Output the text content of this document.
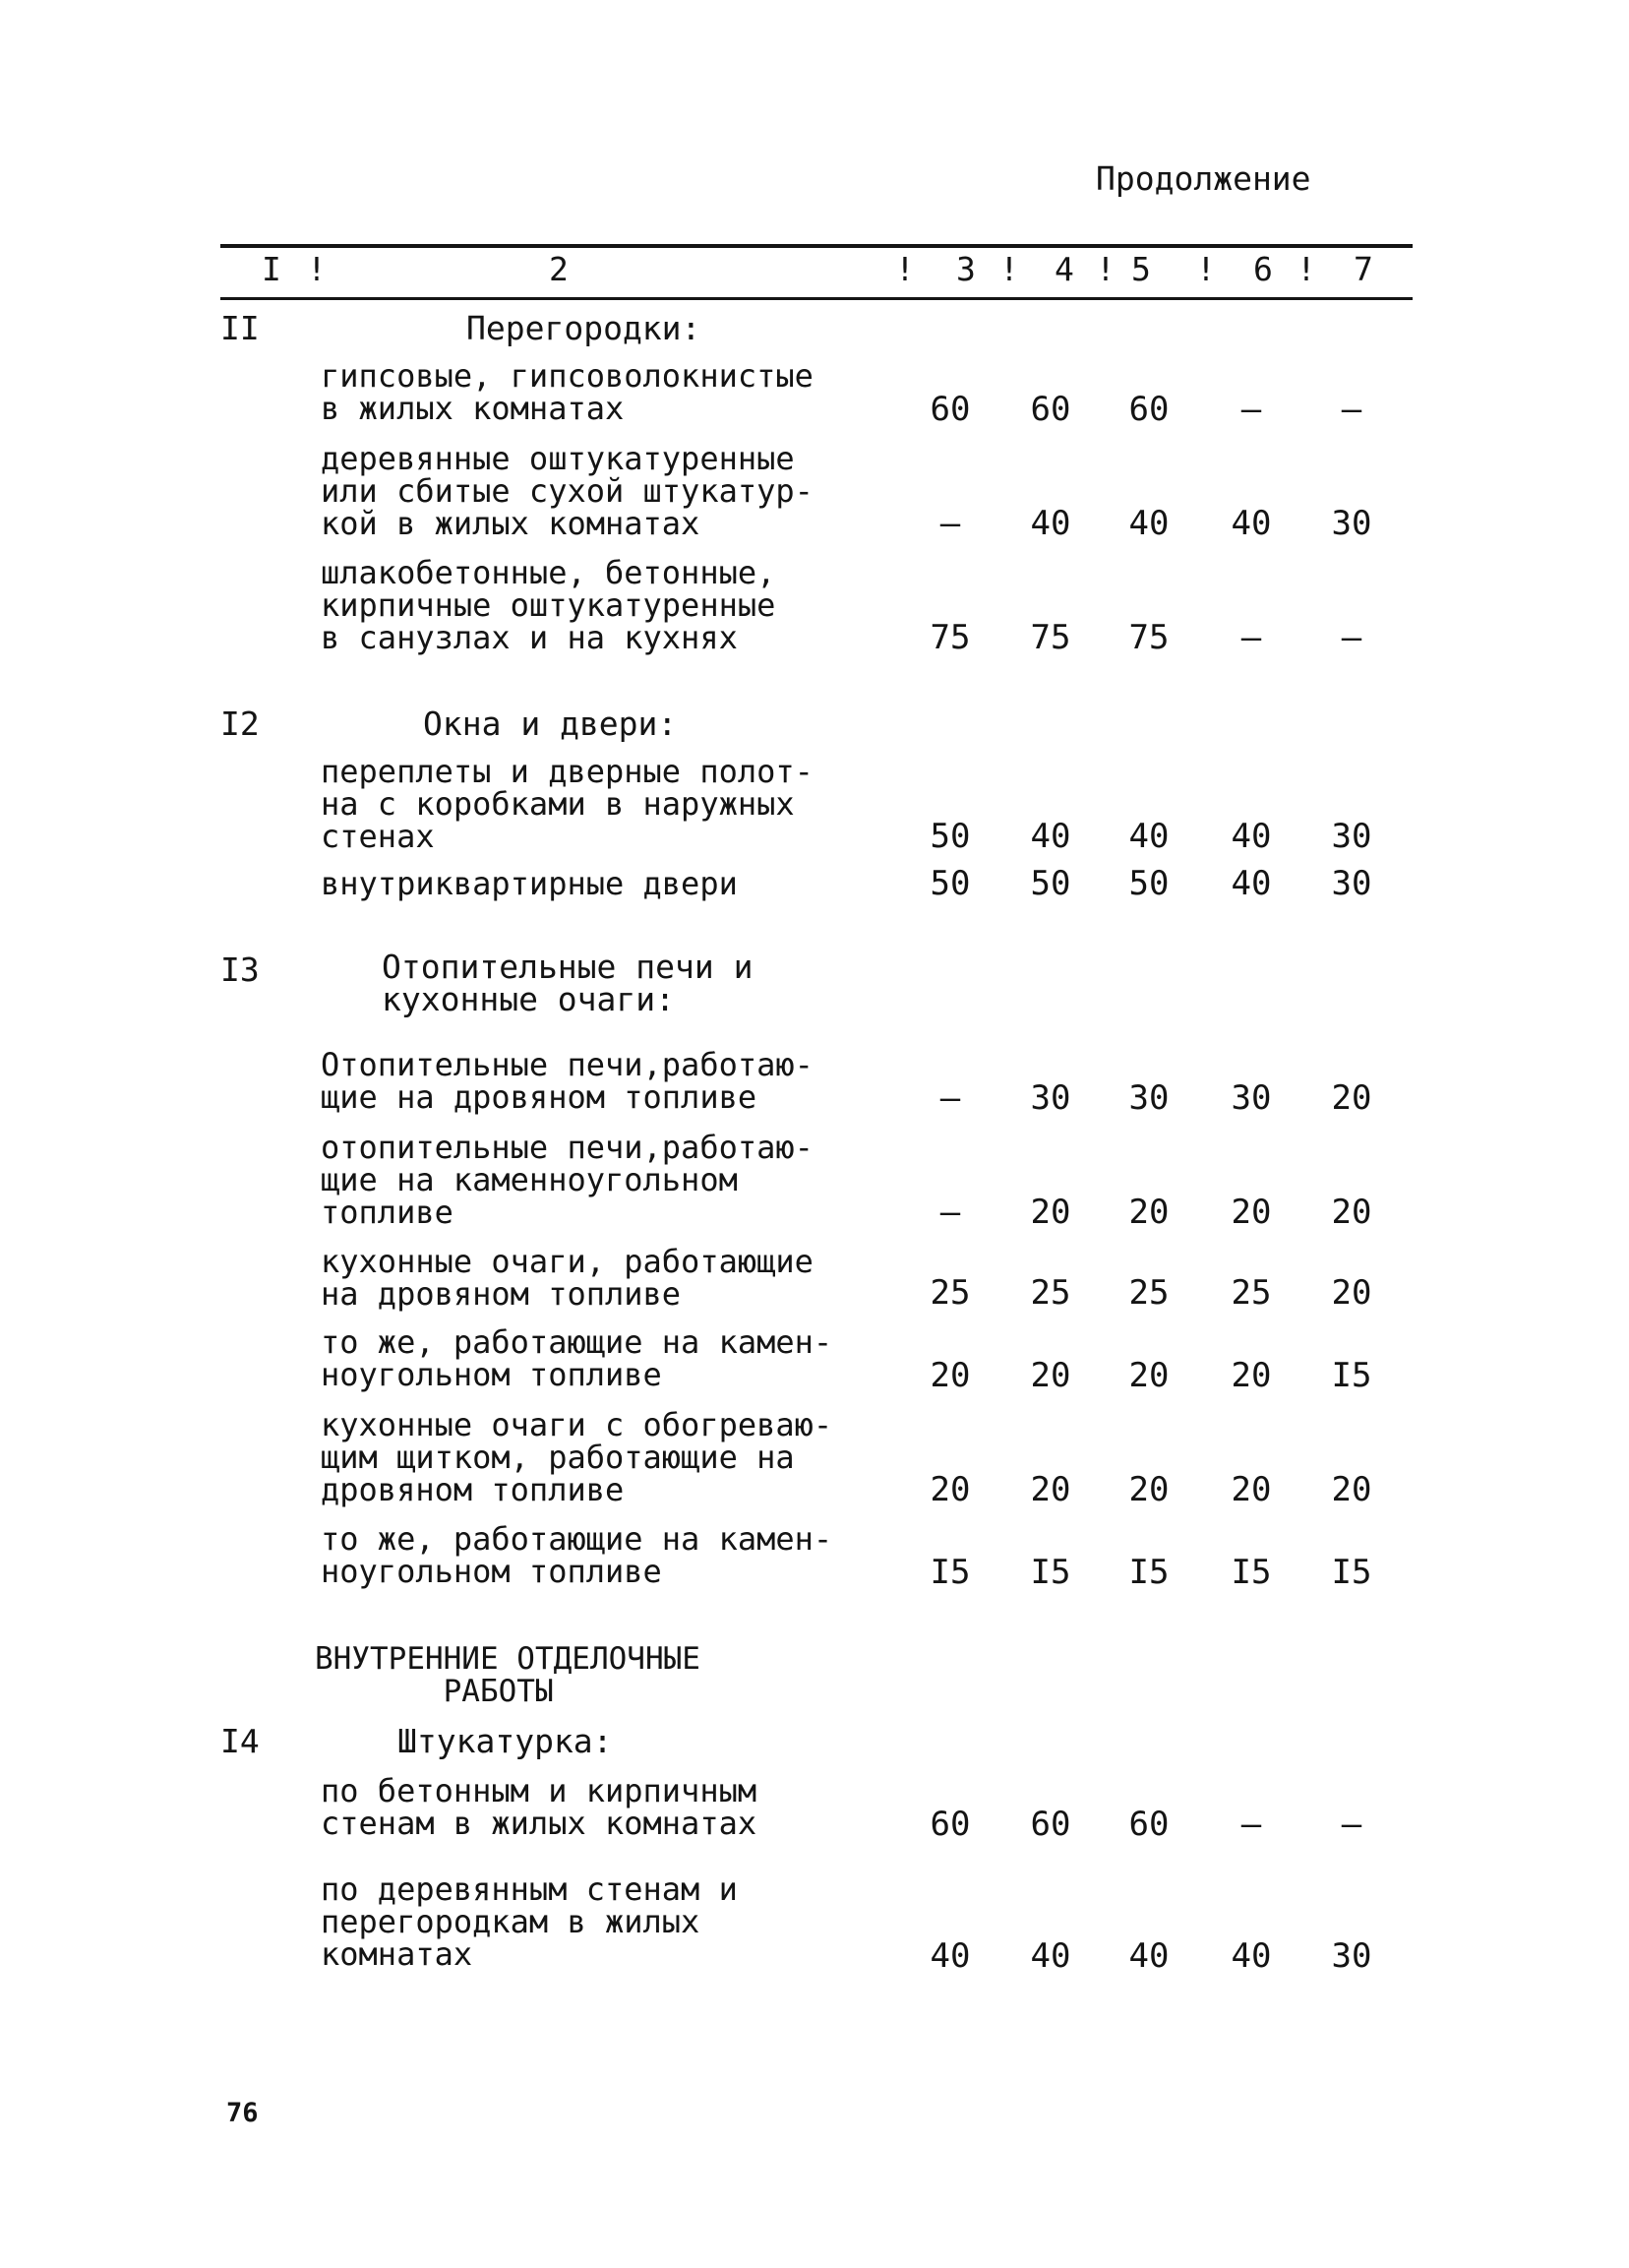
Продолжение
I !	2	! 3 ! 4 ! 5 ! 6 ! 7
II	Перегородки:
гипсовые, гипсоволокнистые
в жилых комнатах	60	60	60	–	–
деревянные оштукатуренные
или сбитые сухой штукатур-
кой в жилых комнатах	–	40	40	40	30
шлакобетонные, бетонные,
кирпичные оштукатуренные
в санузлах и на кухнях	75	75	75	–	–
I2	Окна и двери:
переплеты и дверные полот-
на с коробками в наружных
стенах	50	40	40	40	30
внутриквартирные двери	50	50	50	40	30
I3	Отопительные печи и
кухонные очаги:
Отопительные печи,работаю-
щие на дровяном топливе	–	30	30	30	20
отопительные печи,работаю-
щие на каменноугольном
топливе	–	20	20	20	20
кухонные очаги, работающие
на дровяном топливе	25	25	25	25	20
то же, работающие на камен-
ноугольном топливе	20	20	20	20	I5
кухонные очаги с обогреваю-
щим щитком, работающие на
дровяном топливе	20	20	20	20	20
то же, работающие на камен-
ноугольном топливе	I5	I5	I5	I5	I5
ВНУТРЕННИЕ ОТДЕЛОЧНЫЕ
РАБОТЫ
I4	Штукатурка:
по бетонным и кирпичным
стенам в жилых комнатах	60	60	60	–	–
по деревянным стенам и
перегородкам в жилых
комнатах	40	40	40	40	30
76
